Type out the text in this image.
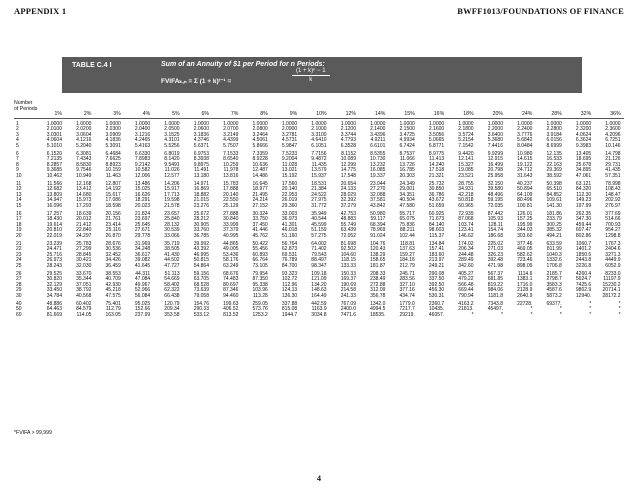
APPENDIX 1	BWFF1013/FOUNDATIONS OF FINANCE
TABLE C.4 I	Sum of an Annuity of $1 per Period for n Periods:
FVIFAₖ,ₙ = Σ (1 + k)ᵗ⁻¹ =	$\frac{\text{(1 + k)ⁿ − 1}}{k}$
Number
of Periods
1%	2%	3%	4%	5%	6%	7%	8%	9%	10%	12%	14%	15%	16%	18%	20%	24%	28%	32%	36%
1	1.0000	1.0000	1.0000	1.0000	1.0000	1.0000	1.0000	1.0000	1.0000	1.0000	1.0000	1.0000	1.0000	1.0000	1.0000	1.0000	1.0000	1.0000	1.0000	1.0000
2	2.0100	2.0200	2.0300	2.0400	2.0500	2.0600	2.0700	2.0800	2.0900	2.1000	2.1200	2.1400	2.1500	2.1600	2.1800	2.2000	2.2400	2.2800	2.3200	2.3600
3	3.0301	3.0604	3.0909	3.1216	3.1525	3.1836	3.2149	3.2464	3.2781	3.3100	3.3744	3.4396	3.4725	3.5056	3.5724	3.6400	3.7776	3.9184	4.0624	4.2096
4	4.0604	4.1216	4.1836	4.2465	4.3101	4.3746	4.4399	4.5061	4.5731	4.6410	4.7793	4.9211	4.9934	5.0665	5.2154	5.3680	5.6842	6.0156	6.3624	6.7251
5	5.1010	5.2040	5.3091	5.4163	5.5256	5.6371	5.7507	5.8666	5.9847	6.1051	6.3528	6.6101	6.7424	6.8771	7.1542	7.4416	8.0484	8.6999	9.3983	10.146
6	6.1520	6.3081	6.4684	6.6330	6.8019	6.9753	7.1533	7.3359	7.5233	7.7156	8.1152	8.5355	8.7537	8.9775	9.4420	9.9299	10.980	12.135	13.405	14.798
7	7.2135	7.4343	7.6625	7.8983	8.1420	8.3938	8.6540	8.9228	9.2004	9.4872	10.089	10.730	11.066	11.413	12.141	12.915	14.615	16.533	18.695	21.126
8	8.2857	8.5830	8.8923	9.2142	9.5491	9.8975	10.259	10.636	11.028	11.435	12.299	13.232	13.726	14.240	15.327	16.499	19.122	22.163	25.678	29.731
9	9.3685	9.7546	10.159	10.582	11.026	11.491	11.978	12.487	13.021	13.579	14.775	16.085	16.785	17.518	19.085	20.798	24.712	29.369	34.895	41.435
10	10.462	10.949	11.463	12.006	12.577	13.180	13.816	14.486	15.192	15.937	17.548	19.337	20.303	21.321	23.521	25.958	31.643	38.592	47.061	57.351
11	11.566	12.168	12.807	13.486	14.206	14.971	15.783	16.645	17.560	18.531	20.654	23.044	24.349	25.732	28.755	32.150	40.237	50.398	63.121	78.998
12	12.682	13.412	14.192	15.025	15.917	16.869	17.888	18.977	20.140	21.384	24.133	27.270	29.001	30.850	34.931	39.580	50.894	65.510	84.320	108.43
13	13.809	14.680	15.617	16.626	17.713	18.882	20.140	21.495	22.953	24.522	28.029	32.088	34.351	36.786	42.218	48.496	64.109	84.852	112.30	148.47
14	14.947	15.973	17.086	18.291	19.598	21.015	22.550	24.214	26.019	27.975	32.392	37.581	40.504	43.672	50.818	59.195	80.496	109.61	149.23	202.92
15	16.096	17.293	18.598	20.023	21.578	23.276	25.129	27.152	29.360	31.772	37.279	43.842	47.580	51.659	60.965	72.035	100.81	141.30	197.99	276.97
16	17.257	18.639	20.156	21.824	23.657	25.672	27.888	30.324	33.003	35.949	42.753	50.980	55.717	60.925	72.939	87.442	126.01	181.86	262.35	377.69
17	18.430	20.012	21.761	23.697	25.840	28.212	30.840	33.750	36.973	40.544	48.883	59.117	65.075	71.673	87.068	105.93	157.25	233.79	347.30	514.66
18	19.614	21.412	23.414	25.645	28.132	30.905	33.999	37.450	41.301	45.599	55.749	68.394	75.836	84.140	103.74	128.11	195.99	300.25	459.44	700.93
19	20.810	22.840	25.116	27.671	30.539	33.760	37.379	41.446	46.018	51.159	63.439	78.969	88.211	98.603	123.41	154.74	244.03	385.32	607.47	954.27
20	22.019	24.297	26.870	29.778	33.066	36.785	40.995	45.762	51.160	57.275	72.052	91.024	102.44	115.37	146.62	186.68	303.60	494.21	802.86	1298.8
21	23.239	25.783	28.676	31.969	35.719	39.992	44.865	50.422	56.764	64.002	81.698	104.76	118.81	134.84	174.02	225.02	377.46	633.59	1060.7	1767.3
22	24.471	27.299	30.536	34.248	38.505	43.392	49.005	55.456	62.873	71.402	92.502	120.43	137.63	157.41	206.34	271.03	469.05	811.99	1401.2	2404.6
23	25.716	28.845	32.452	36.617	41.430	46.995	53.436	60.893	69.531	79.543	104.60	138.29	159.27	183.60	244.48	326.23	582.62	1040.3	1850.6	3271.3
24	26.973	30.421	34.426	39.082	44.502	50.815	58.176	66.764	76.789	88.497	118.15	158.65	184.16	213.97	289.49	392.48	723.46	1332.6	2443.8	4449.9
25	28.243	32.030	36.459	41.645	47.727	54.864	63.249	73.105	84.700	98.347	133.33	181.87	212.79	249.21	342.60	471.98	898.09	1706.8	3226.8	6052.9
26	29.525	33.670	38.553	44.311	51.113	59.156	68.676	79.954	93.323	109.18	150.33	208.33	245.71	290.08	405.27	567.37	1114.6	2185.7	4260.4	8233.0
27	30.820	35.344	40.709	47.084	54.669	63.705	74.483	87.350	102.72	121.09	169.37	238.49	283.56	337.50	479.22	681.85	1383.1	2798.7	5624.7	11197.9
28	32.129	37.051	42.930	49.967	58.402	68.528	80.697	95.338	112.96	134.20	190.69	272.88	327.10	392.50	566.48	819.22	1716.0	3583.3	7425.6	15230.2
29	33.450	38.792	45.218	52.966	62.322	73.639	87.346	103.96	124.13	148.63	214.58	312.09	377.16	456.30	669.44	984.06	2128.9	4587.6	9802.9	20714.1
30	34.784	40.568	47.575	56.084	66.438	79.058	94.460	113.28	136.30	164.49	241.33	356.78	434.74	530.31	790.94	1181.8	2640.9	5873.2	12940.	28172.2
40	48.886	60.402	75.401	95.025	120.79	154.76	199.63	259.05	337.88	442.59	767.09	1342.0	1779.0	2360.7	4163.2	7343.8	22728.	69377.	*	*
50	64.463	84.579	112.79	152.66	209.34	290.33	406.52	573.76	815.08	1163.9	2400.0	4994.5	7217.7	10435.	21813.	45497.	*	*	*	*
60	81.669	114.05	163.05	237.99	353.58	533.12	813.52	1253.2	1944.7	3034.8	7471.6	18535.	29219.	46057.	*	*	*	*	*	*
*FVIFA > 99,999
4
